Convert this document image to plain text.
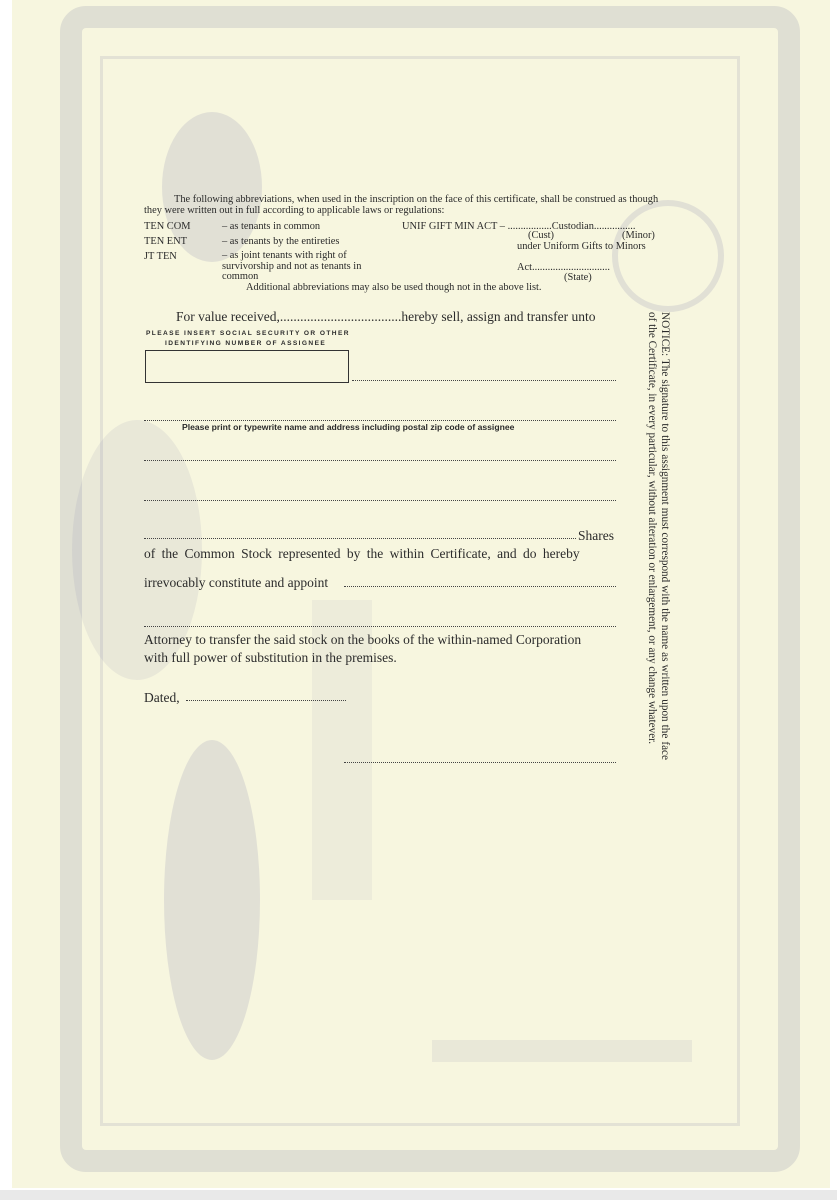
The following abbreviations, when used in the inscription on the face of this certificate, shall be construed as though they were written out in full according to applicable laws or regulations:
TEN COM	– as tenants in common
TEN ENT	– as tenants by the entireties
JT TEN	– as joint tenants with right of survivorship and not as tenants in common
UNIF GIFT MIN ACT – .................Custodian................
(Cust)	(Minor)
under Uniform Gifts to Minors
Act..............................
(State)
Additional abbreviations may also be used though not in the above list.
For value received,....................................hereby sell, assign and transfer unto
PLEASE INSERT SOCIAL SECURITY OR OTHER
IDENTIFYING NUMBER OF ASSIGNEE
Please print or typewrite name and address including postal zip code of assignee
Shares
of the Common Stock represented by the within Certificate, and do hereby
irrevocably constitute and appoint
Attorney to transfer the said stock on the books of the within-named Corporation
with full power of substitution in the premises.
Dated,	NOTICE: The signature to this assignment must correspond with the name as written upon the face of the Certificate, in every particular, without alteration or enlargement, or any change whatever.
